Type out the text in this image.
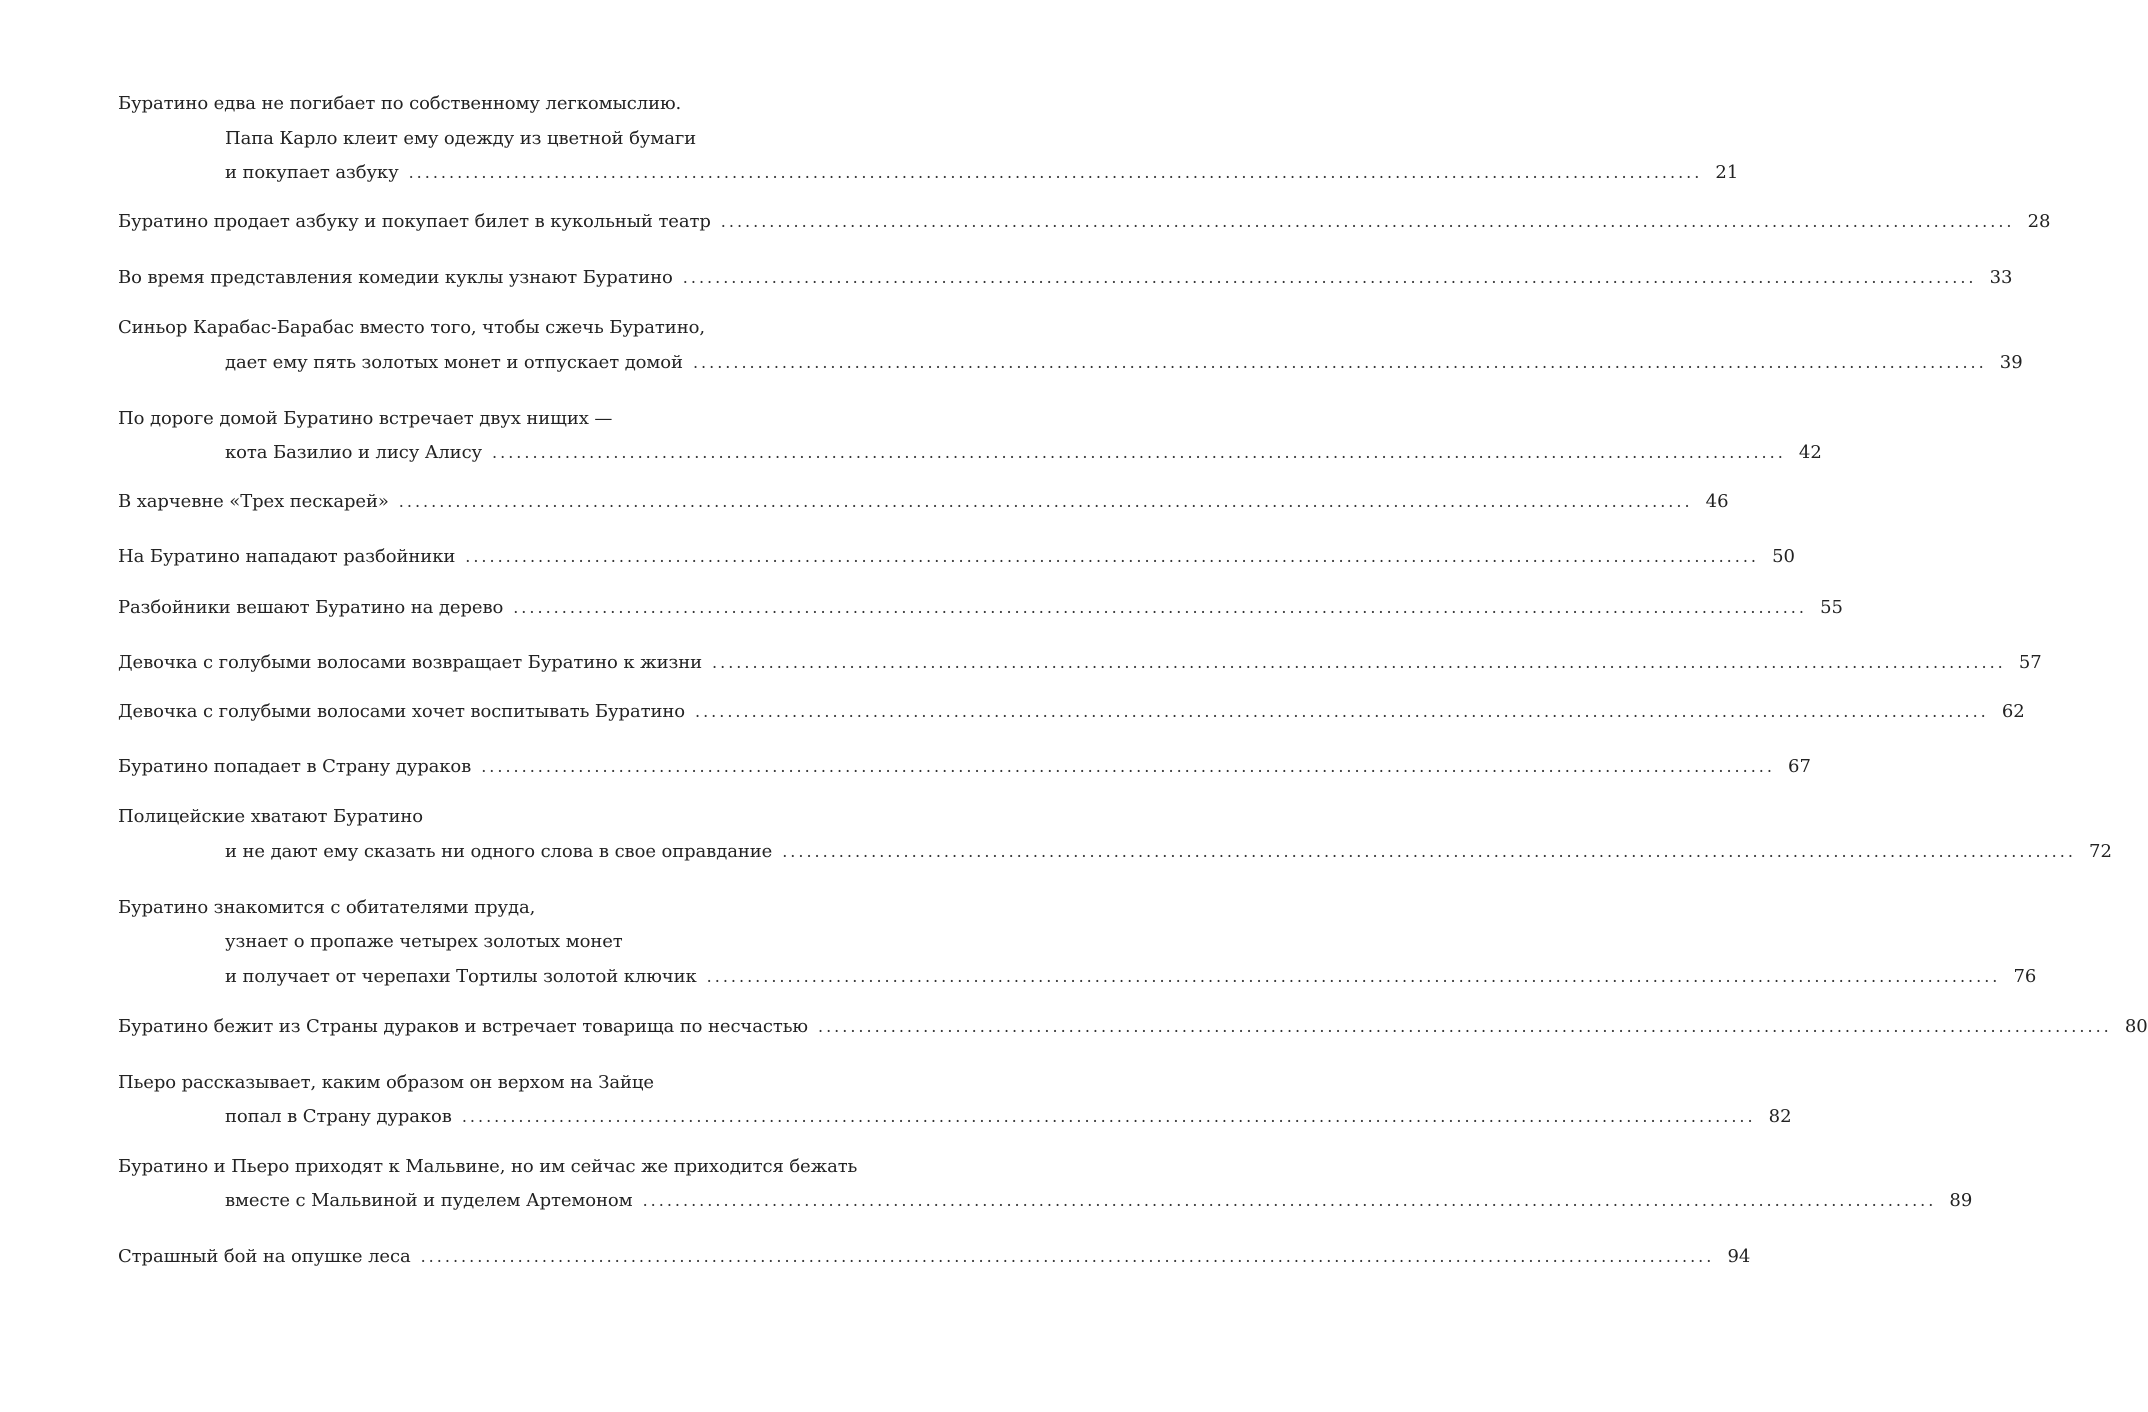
Буратино едва не погибает по собственному легкомыслию.
Папа Карло клеит ему одежду из цветной бумаги
и покупает азбуку ................................................................................................................................................................ 21
Буратино продает азбуку и покупает билет в кукольный театр ................................................................................................................................................................ 28
Во время представления комедии куклы узнают Буратино ................................................................................................................................................................ 33
Синьор Карабас-Барабас вместо того, чтобы сжечь Буратино,
дает ему пять золотых монет и отпускает домой ................................................................................................................................................................ 39
По дороге домой Буратино встречает двух нищих —
кота Базилио и лису Алису ................................................................................................................................................................ 42
В харчевне «Трех пескарей» ................................................................................................................................................................ 46
На Буратино нападают разбойники ................................................................................................................................................................ 50
Разбойники вешают Буратино на дерево ................................................................................................................................................................ 55
Девочка с голубыми волосами возвращает Буратино к жизни ................................................................................................................................................................ 57
Девочка с голубыми волосами хочет воспитывать Буратино ................................................................................................................................................................ 62
Буратино попадает в Страну дураков ................................................................................................................................................................ 67
Полицейские хватают Буратино
и не дают ему сказать ни одного слова в свое оправдание ................................................................................................................................................................ 72
Буратино знакомится с обитателями пруда,
узнает о пропаже четырех золотых монет
и получает от черепахи Тортилы золотой ключик ................................................................................................................................................................ 76
Буратино бежит из Страны дураков и встречает товарища по несчастью ................................................................................................................................................................ 80
Пьеро рассказывает, каким образом он верхом на Зайце
попал в Страну дураков ................................................................................................................................................................ 82
Буратино и Пьеро приходят к Мальвине, но им сейчас же приходится бежать
вместе с Мальвиной и пуделем Артемоном ................................................................................................................................................................ 89
Страшный бой на опушке леса ................................................................................................................................................................ 94
